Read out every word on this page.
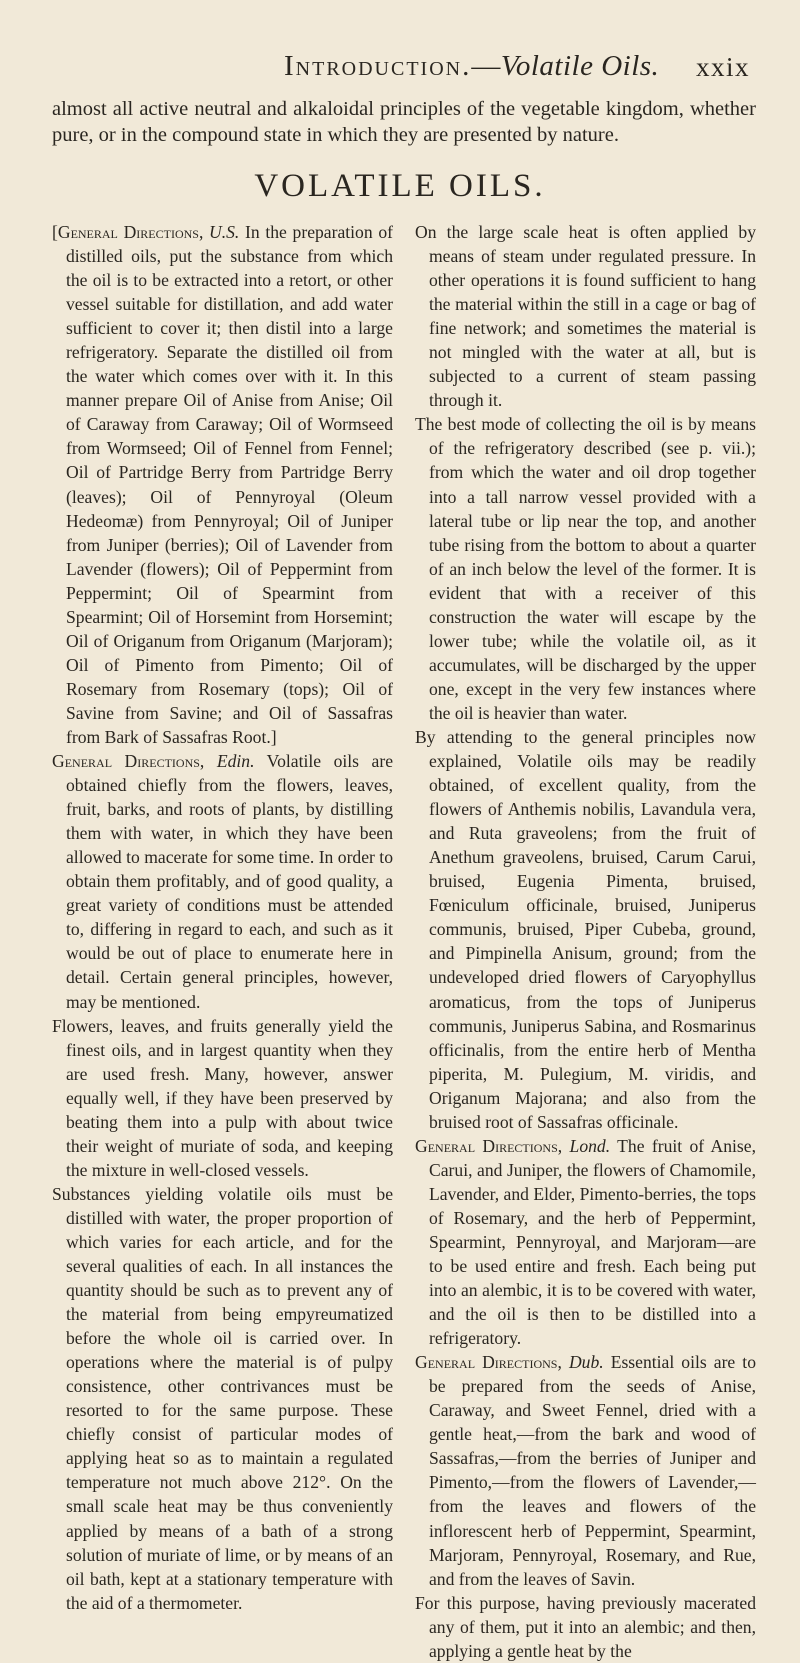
Introduction.—Volatile Oils. xxix
almost all active neutral and alkaloidal principles of the vegetable kingdom, whether pure, or in the compound state in which they are presented by nature.
VOLATILE OILS.

[General Directions, U.S. In the preparation of distilled oils, put the substance from which the oil is to be extracted into a retort, or other vessel suitable for distillation, and add water sufficient to cover it; then distil into a large refrigeratory. Separate the distilled oil from the water which comes over with it. In this manner prepare Oil of Anise from Anise; Oil of Caraway from Caraway; Oil of Wormseed from Wormseed; Oil of Fennel from Fennel; Oil of Partridge Berry from Partridge Berry (leaves); Oil of Pennyroyal (Oleum Hedeomæ) from Pennyroyal; Oil of Juniper from Juniper (berries); Oil of Lavender from Lavender (flowers); Oil of Peppermint from Peppermint; Oil of Spearmint from Spearmint; Oil of Horsemint from Horsemint; Oil of Origanum from Origanum (Marjoram); Oil of Pimento from Pimento; Oil of Rosemary from Rosemary (tops); Oil of Savine from Savine; and Oil of Sassafras from Bark of Sassafras Root.]

General Directions, Edin. Volatile oils are obtained chiefly from the flowers, leaves, fruit, barks, and roots of plants, by distilling them with water, in which they have been allowed to macerate for some time. In order to obtain them profitably, and of good quality, a great variety of conditions must be attended to, differing in regard to each, and such as it would be out of place to enumerate here in detail. Certain general principles, however, may be mentioned.

Flowers, leaves, and fruits generally yield the finest oils, and in largest quantity when they are used fresh. Many, however, answer equally well, if they have been preserved by beating them into a pulp with about twice their weight of muriate of soda, and keeping the mixture in well-closed vessels.

Substances yielding volatile oils must be distilled with water, the proper proportion of which varies for each article, and for the several qualities of each. In all instances the quantity should be such as to prevent any of the material from being empyreumatized before the whole oil is carried over. In operations where the material is of pulpy consistence, other contrivances must be resorted to for the same purpose. These chiefly consist of particular modes of applying heat so as to maintain a regulated temperature not much above 212°. On the small scale heat may be thus conveniently applied by means of a bath of a strong solution of muriate of lime, or by means of an oil bath, kept at a stationary temperature with the aid of a thermometer.

On the large scale heat is often applied by means of steam under regulated pressure. In other operations it is found sufficient to hang the material within the still in a cage or bag of fine network; and sometimes the material is not mingled with the water at all, but is subjected to a current of steam passing through it.

The best mode of collecting the oil is by means of the refrigeratory described (see p. vii.); from which the water and oil drop together into a tall narrow vessel provided with a lateral tube or lip near the top, and another tube rising from the bottom to about a quarter of an inch below the level of the former. It is evident that with a receiver of this construction the water will escape by the lower tube; while the volatile oil, as it accumulates, will be discharged by the upper one, except in the very few instances where the oil is heavier than water.

By attending to the general principles now explained, Volatile oils may be readily obtained, of excellent quality, from the flowers of Anthemis nobilis, Lavandula vera, and Ruta graveolens; from the fruit of Anethum graveolens, bruised, Carum Carui, bruised, Eugenia Pimenta, bruised, Fœniculum officinale, bruised, Juniperus communis, bruised, Piper Cubeba, ground, and Pimpinella Anisum, ground; from the undeveloped dried flowers of Caryophyllus aromaticus, from the tops of Juniperus communis, Juniperus Sabina, and Rosmarinus officinalis, from the entire herb of Mentha piperita, M. Pulegium, M. viridis, and Origanum Majorana; and also from the bruised root of Sassafras officinale.

General Directions, Lond. The fruit of Anise, Carui, and Juniper, the flowers of Chamomile, Lavender, and Elder, Pimento-berries, the tops of Rosemary, and the herb of Peppermint, Spearmint, Pennyroyal, and Marjoram—are to be used entire and fresh. Each being put into an alembic, it is to be covered with water, and the oil is then to be distilled into a refrigeratory.

General Directions, Dub. Essential oils are to be prepared from the seeds of Anise, Caraway, and Sweet Fennel, dried with a gentle heat,—from the bark and wood of Sassafras,—from the berries of Juniper and Pimento,—from the flowers of Lavender,—from the leaves and flowers of the inflorescent herb of Peppermint, Spearmint, Marjoram, Pennyroyal, Rosemary, and Rue, and from the leaves of Savin.

For this purpose, having previously macerated any of them, put it into an alembic; and then, applying a gentle heat by the
